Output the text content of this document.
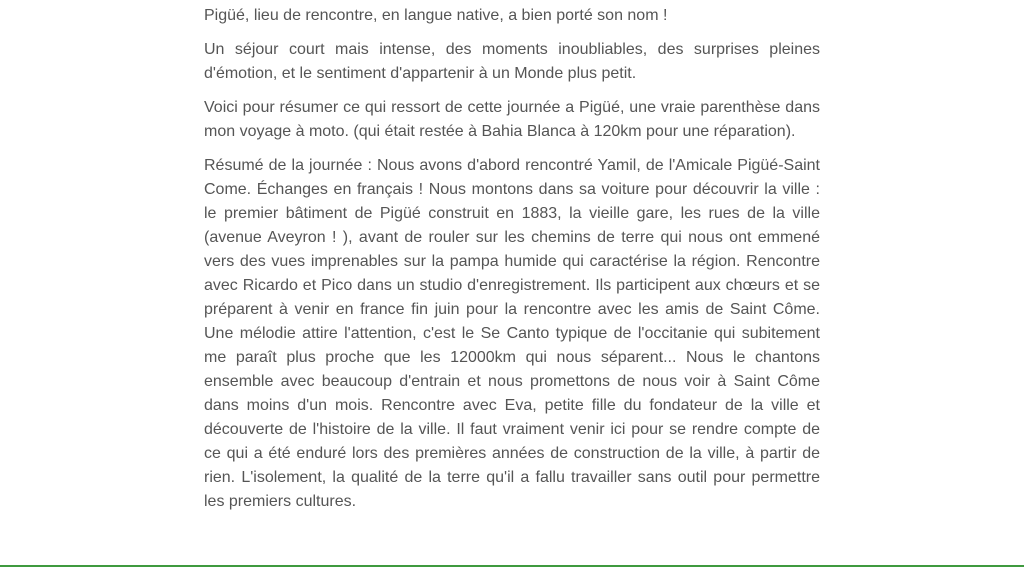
Pigüé, lieu de rencontre, en langue native, a bien porté son nom !

Un séjour court mais intense, des moments inoubliables, des surprises pleines d'émotion, et le sentiment d'appartenir à un Monde plus petit.

Voici pour résumer ce qui ressort de cette journée a Pigüé, une vraie parenthèse dans mon voyage à moto. (qui était restée à Bahia Blanca à 120km pour une réparation).

Résumé de la journée : Nous avons d'abord rencontré Yamil, de l'Amicale Pigüé-Saint Come. Échanges en français ! Nous montons dans sa voiture pour découvrir la ville : le premier bâtiment de Pigüé construit en 1883, la vieille gare, les rues de la ville (avenue Aveyron ! ), avant de rouler sur les chemins de terre qui nous ont emmené vers des vues imprenables sur la pampa humide qui caractérise la région. Rencontre avec Ricardo et Pico dans un studio d'enregistrement. Ils participent aux chœurs et se préparent à venir en france fin juin pour la rencontre avec les amis de Saint Côme. Une mélodie attire l'attention, c'est le Se Canto typique de l'occitanie qui subitement me paraît plus proche que les 12000km qui nous séparent... Nous le chantons ensemble avec beaucoup d'entrain et nous promettons de nous voir à Saint Côme dans moins d'un mois. Rencontre avec Eva, petite fille du fondateur de la ville et découverte de l'histoire de la ville. Il faut vraiment venir ici pour se rendre compte de ce qui a été enduré lors des premières années de construction de la ville, à partir de rien. L'isolement, la qualité de la terre qu'il a fallu travailler sans outil pour permettre les premiers cultures.
